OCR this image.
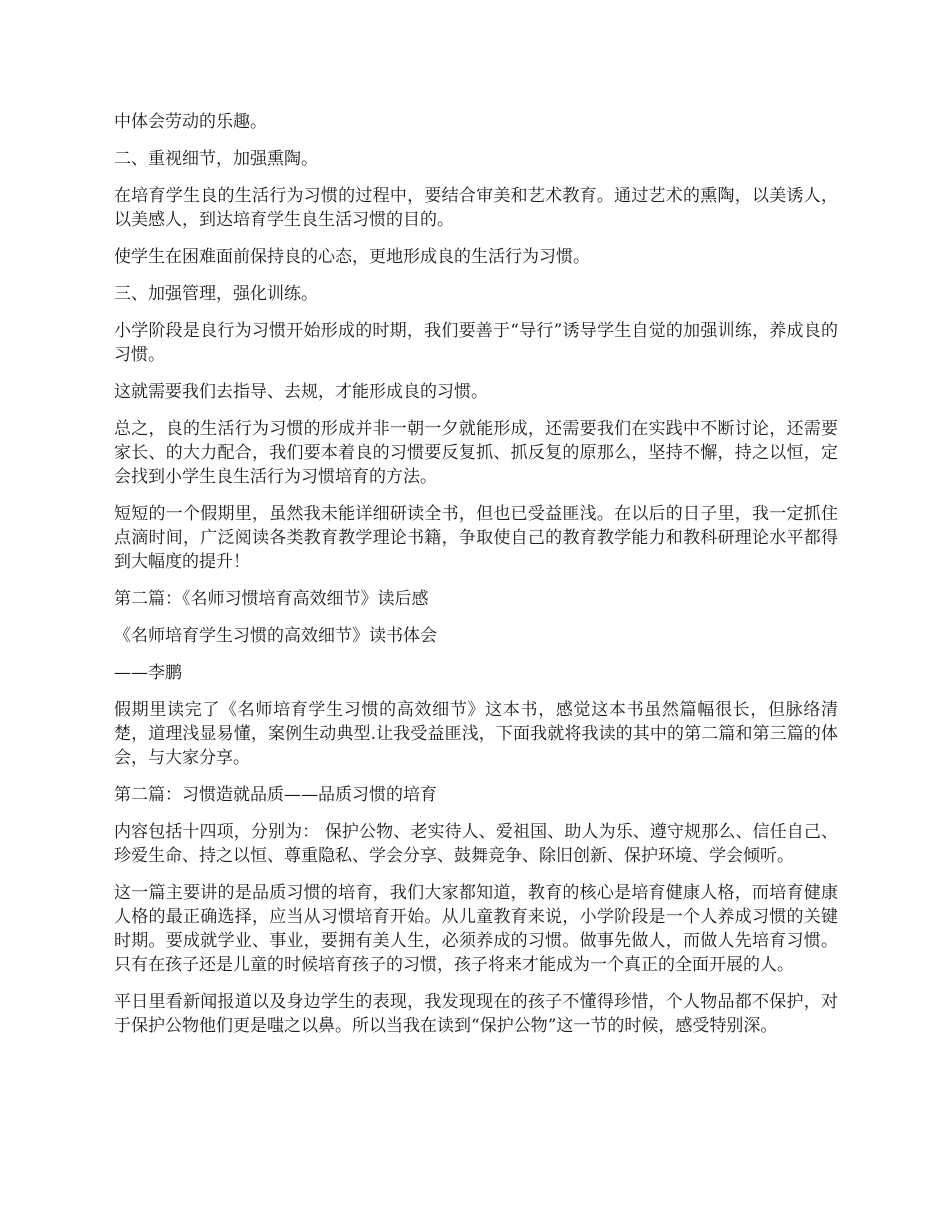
中体会劳动的乐趣。

二、重视细节，加强熏陶。

在培育学生良的生活行为习惯的过程中，要结合审美和艺术教育。通过艺术的熏陶，以美诱人，以美感人，到达培育学生良生活习惯的目的。

使学生在困难面前保持良的心态，更地形成良的生活行为习惯。

三、加强管理，强化训练。

小学阶段是良行为习惯开始形成的时期，我们要善于“导行”诱导学生自觉的加强训练，养成良的习惯。

这就需要我们去指导、去规，才能形成良的习惯。

总之，良的生活行为习惯的形成并非一朝一夕就能形成，还需要我们在实践中不断讨论，还需要家长、的大力配合，我们要本着良的习惯要反复抓、抓反复的原那么，坚持不懈，持之以恒，定会找到小学生良生活行为习惯培育的方法。

短短的一个假期里，虽然我未能详细研读全书，但也已受益匪浅。在以后的日子里，我一定抓住点滴时间，广泛阅读各类教育教学理论书籍，争取使自己的教育教学能力和教科研理论水平都得到大幅度的提升！

第二篇：《名师习惯培育高效细节》读后感

《名师培育学生习惯的高效细节》读书体会

——李鹏

假期里读完了《名师培育学生习惯的高效细节》这本书，感觉这本书虽然篇幅很长，但脉络清楚，道理浅显易懂，案例生动典型.让我受益匪浅，下面我就将我读的其中的第二篇和第三篇的体会，与大家分享。

第二篇：习惯造就品质——品质习惯的培育

内容包括十四项，分别为： 保护公物、老实待人、爱祖国、助人为乐、遵守规那么、信任自己、珍爱生命、持之以恒、尊重隐私、学会分享、鼓舞竞争、除旧创新、保护环境、学会倾听。

这一篇主要讲的是品质习惯的培育，我们大家都知道，教育的核心是培育健康人格，而培育健康人格的最正确选择，应当从习惯培育开始。从儿童教育来说，小学阶段是一个人养成习惯的关键时期。要成就学业、事业，要拥有美人生，必须养成的习惯。做事先做人，而做人先培育习惯。只有在孩子还是儿童的时候培育孩子的习惯，孩子将来才能成为一个真正的全面开展的人。

平日里看新闻报道以及身边学生的表现，我发现现在的孩子不懂得珍惜，个人物品都不保护，对于保护公物他们更是嗤之以鼻。所以当我在读到“保护公物”这一节的时候，感受特别深。
